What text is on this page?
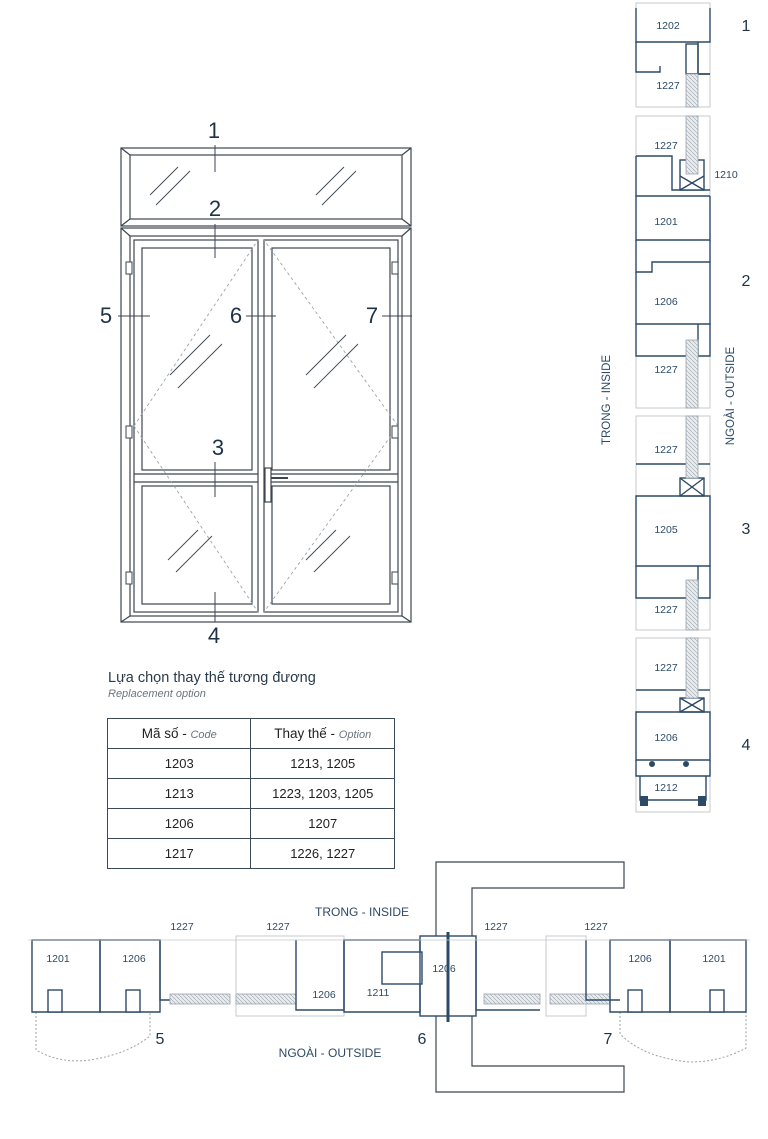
1
2
5	6	7
3
4
1202
1227
1227
1210
1201
1206
1227
1227
1205
1227
1227
1206
1212
1
2
3
4
TRONG - INSIDE	NGOÀI - OUTSIDE
1227	1227	1227	1227
1201	1206
1206	1211
1206
1206	1201
5	6	7
TRONG - INSIDE
NGOÀI - OUTSIDE
Lựa chọn thay thế tương đương
Replacement option
Mã số - Code	Thay thế - Option
1203	1213, 1205
1213	1223, 1203, 1205
1206	1207
1217	1226, 1227
